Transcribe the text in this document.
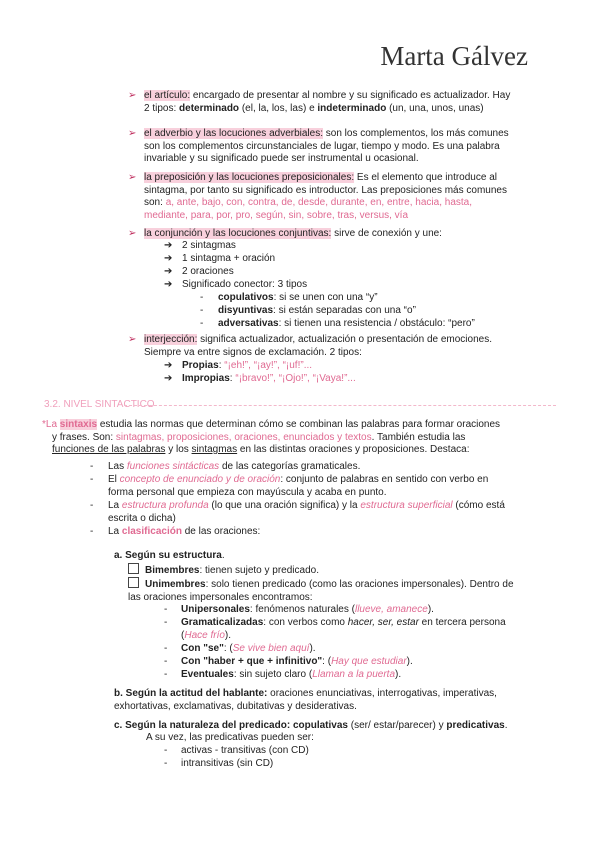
Marta Gálvez
➢ el artículo: encargado de presentar al nombre y su significado es actualizador. Hay
2 tipos: determinado (el, la, los, las) e indeterminado (un, una, unos, unas)
➢ el adverbio y las locuciones adverbiales: son los complementos, los más comunes
son los complementos circunstanciales de lugar, tiempo y modo. Es una palabra
invariable y su significado puede ser instrumental u ocasional.
➢ la preposición y las locuciones preposicionales: Es el elemento que introduce al
sintagma, por tanto su significado es introductor. Las preposiciones más comunes
son: a, ante, bajo, con, contra, de, desde, durante, en, entre, hacia, hasta,
mediante, para, por, pro, según, sin, sobre, tras, versus, vía
➢ la conjunción y las locuciones conjuntivas: sirve de conexión y une:
➔ 2 sintagmas
➔ 1 sintagma + oración
➔ 2 oraciones
➔ Significado conector: 3 tipos
- copulativos: si se unen con una “y”
- disyuntivas: si están separadas con una “o”
- adversativas: si tienen una resistencia / obstáculo: “pero”
➢ interjección: significa actualizador, actualización o presentación de emociones.
Siempre va entre signos de exclamación. 2 tipos:
➔ Propias: “¡eh!”, “¡ay!”, “¡uf!”...
➔ Impropias: “¡bravo!”, “¡Ojo!”, “¡Vaya!”...
3.2. NIVEL SINTACTICO
*La sintaxis estudia las normas que determinan cómo se combinan las palabras para formar oraciones
y frases. Son: sintagmas, proposiciones, oraciones, enunciados y textos. También estudia las
funciones de las palabras y los sintagmas en las distintas oraciones y proposiciones. Destaca:
- Las funciones sintácticas de las categorías gramaticales.
- El concepto de enunciado y de oración: conjunto de palabras en sentido con verbo en
forma personal que empieza con mayúscula y acaba en punto.
- La estructura profunda (lo que una oración significa) y la estructura superficial (cómo está
escrita o dicha)
- La clasificación de las oraciones:
a. Según su estructura.
Bimembres: tienen sujeto y predicado.
Unimembres: solo tienen predicado (como las oraciones impersonales). Dentro de
las oraciones impersonales encontramos:
- Unipersonales: fenómenos naturales (llueve, amanece).
- Gramaticalizadas: con verbos como hacer, ser, estar en tercera persona
(Hace frío).
- Con "se": (Se vive bien aquí).
- Con "haber + que + infinitivo": (Hay que estudiar).
- Eventuales: sin sujeto claro (Llaman a la puerta).
b. Según la actitud del hablante: oraciones enunciativas, interrogativas, imperativas,
exhortativas, exclamativas, dubitativas y desiderativas.
c. Según la naturaleza del predicado: copulativas (ser/ estar/parecer) y predicativas.
A su vez, las predicativas pueden ser:
- activas - transitivas (con CD)
- intransitivas (sin CD)
